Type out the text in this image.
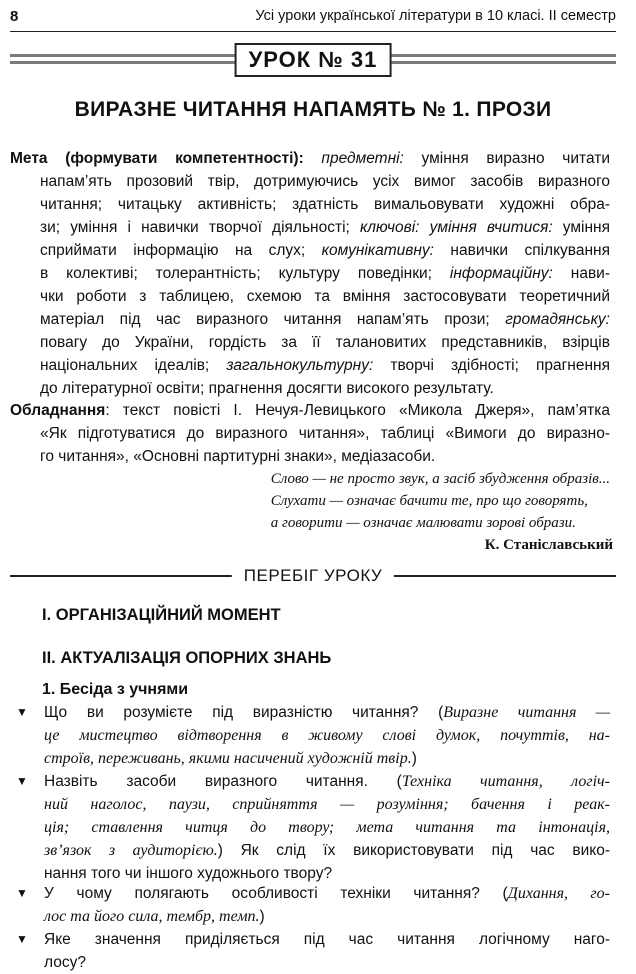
8	Усі уроки української літератури в 10 класі. ІІ семестр
УРОК № 31
ВИРАЗНЕ ЧИТАННЯ НАПАМЯТЬ № 1. ПРОЗИ
Мета (формувати компетентності): предметні: уміння виразно читати
напам’ять прозовий твір, дотримуючись усіх вимог засобів виразного
читання; читацьку активність; здатність вимальовувати художні обра-
зи; уміння і навички творчої діяльності; ключові: уміння вчитися: уміння
сприймати інформацію на слух; комунікативну: навички спілкування
в колективі; толерантність; культуру поведінки; інформаційну: нави-
чки роботи з таблицею, схемою та вміння застосовувати теоретичний
матеріал під час виразного читання напам’ять прози; громадянську:
повагу до України, гордість за її талановитих представників, взірців
національних ідеалів; загальнокультурну: творчі здібності; прагнення
до літературної освіти; прагнення досягти високого результату.
Обладнання: текст повісті І. Нечуя-Левицького «Микола Джеря», пам’ятка
«Як підготуватися до виразного читання», таблиці «Вимоги до виразно-
го читання», «Основні партитурні знаки», медіазасоби.
Слово — не просто звук, а засіб збудження образів...
Слухати — означає бачити те, про що говорять,
а говорити — означає малювати зорові образи.
К. Станіславський
ПЕРЕБІГ УРОКУ
I. ОРГАНІЗАЦІЙНИЙ МОМЕНТ
II. АКТУАЛІЗАЦІЯ ОПОРНИХ ЗНАНЬ
1. Бесіда з учнями
▼	Що ви розумієте під виразністю читання? (Виразне читання —
це мистецтво відтворення в живому слові думок, почуттів, на-
строїв, переживань, якими насичений художній твір.)
▼	Назвіть засоби виразного читання. (Техніка читання, логіч-
ний наголос, паузи, сприйняття — розуміння; бачення і реак-
ція; ставлення читця до твору; мета читання та інтонація,
зв’язок з аудиторією.) Як слід їх використовувати під час вико-
нання того чи іншого художнього твору?
▼	У чому полягають особливості техніки читання? (Дихання, го-
лос та його сила, тембр, темп.)
▼	Яке значення приділяється під час читання логічному наго-
лосу?
